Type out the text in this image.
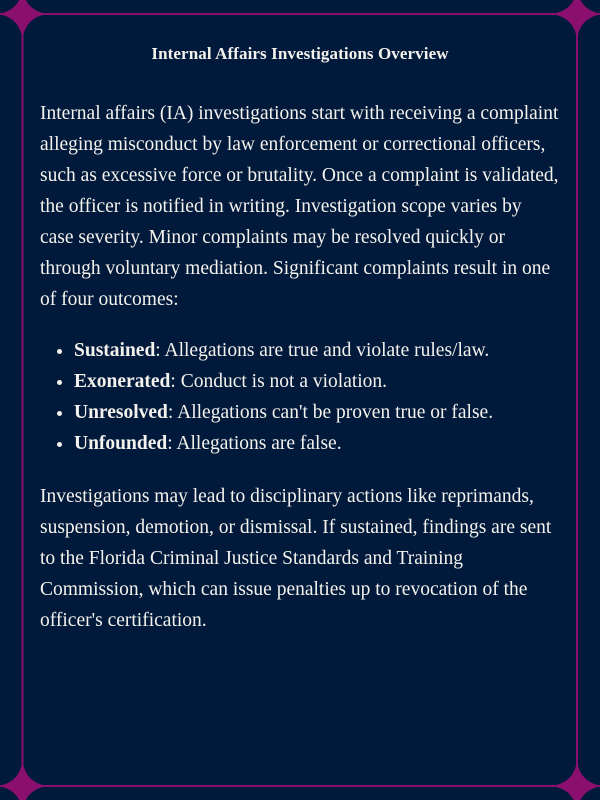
Internal Affairs Investigations Overview

Internal affairs (IA) investigations start with receiving a complaint alleging misconduct by law enforcement or correctional officers, such as excessive force or brutality. Once a complaint is validated, the officer is notified in writing. Investigation scope varies by case severity. Minor complaints may be resolved quickly or through voluntary mediation. Significant complaints result in one of four outcomes:

• Sustained: Allegations are true and violate rules/law.
• Exonerated: Conduct is not a violation.
• Unresolved: Allegations can't be proven true or false.
• Unfounded: Allegations are false.

Investigations may lead to disciplinary actions like reprimands, suspension, demotion, or dismissal. If sustained, findings are sent to the Florida Criminal Justice Standards and Training Commission, which can issue penalties up to revocation of the officer's certification.
